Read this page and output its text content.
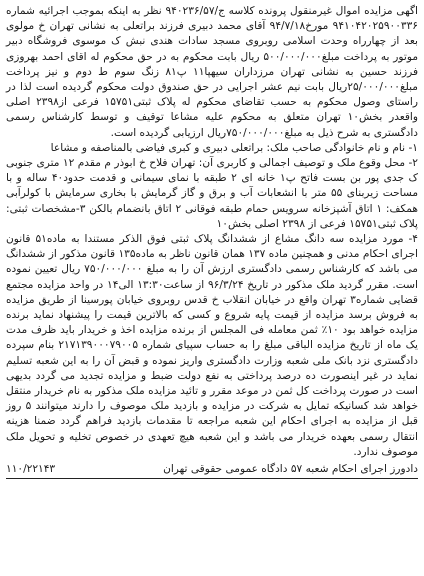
اگهی مزایده اموال غیرمنقول پرونده کلاسه ج/۹۴۰۲۳۶/۵۷ نظر به اینکه بموجب اجرائیه شماره ۹۴۱۰۴۲۰۲۵۹۰۰۳۳۶ مورخ۹۴/۷/۱۸ آقای محمد دبیری فرزند براتعلی به نشانی تهران خ مولوی بعد از چهارراه وحدت اسلامی روبروی مسجد سادات هندی نبش ک موسوی فروشگاه دبیر موتور به پرداخت مبلغ۵۰۰/۰۰۰/۰۰۰ ریال بابت محکوم به در حق محکوم له اقای احمد بهروزی فرزند حسین به نشانی تهران مرزداران سیهپا۱۱ پ۸۱ زنگ سوم ط دوم و نیز پرداخت مبلغ۲۵/۰۰۰/۰۰۰ریال بابت نیم عشر اجرایی در حق صندوق دولت محکوم گردیده است لذا در راستای وصول محکوم به حسب تقاضای محکوم له پلاک ثبتی۱۵۷۵۱ فرعی از۲۳۹۸ اصلی واقعدر بخش۱۰ تهران متعلق به محکوم علیه مشاعا توقیف و توسط کارشناس رسمی دادگستری به شرح ذیل به مبلغ۷۵۰/۰۰۰/۰۰۰ریال ارزیابی گردیده است.

۱- نام و نام خانوادگی صاحب ملک: براتعلی دبیری و کبری فیاضی بالمناصفه و مشاعا

۲- محل وقوع ملک و توصیف اجمالی و کاربری آن: تهران فلاح خ ابوذر م مقدم ۱۲ متری جنوبی ک جدی پور بن بست فاتح پ۱ خانه ای ۲ طبقه با نمای سیمانی و قدمت حدود۴۰ ساله و با مساحت زیربنای ۵۵ متر با انشعابات آب و برق و گاز گرمایش با بخاری سرمایش با کولرآبی همکف: ۱ اتاق آشپزخانه سرویس حمام طبقه فوقانی ۲ اتاق بانضمام بالکن ۳-مشخصات ثبتی: پلاک ثبتی۱۵۷۵۱ فرعی از ۲۳۹۸ اصلی بخش۱۰

۴- مورد مزایده سه دانگ مشاع از ششدانگ پلاک ثبتی فوق الذکر مستندا به ماده۵۱ قانون اجرای احکام مدنی و همچنین ماده ۱۳۷ همان قانون ناظر به ماده۱۳۵ قانون مذکور از ششدانگ می باشد که کارشناس رسمی دادگستری ارزش آن را به مبلغ ۷۵۰/۰۰۰/۰۰۰ ریال تعیین نموده است. مقرر گردید ملک مذکور در تاریخ ۹۶/۳/۲۴ از ساعت۱۳:۳۰ الی۱۴ در واحد مزایده مجتمع قضایی شماره۳ تهران واقع در خیابان انقلاب خ قدس روبروی خیابان پورسینا از طریق مزایده به فروش برسد مزایده از قیمت پایه شروع و کسی که بالاترین قیمت را پیشنهاد نماید برنده مزایده خواهد بود ۱۰٪ ثمن معامله فی المجلس از برنده مزایده اخذ و خریدار باید ظرف مدت یک ماه از تاریخ مزایده الباقی مبلغ را به حساب سپیای شماره ۲۱۷۱۳۹۰۰۰۷۹۰۰۵ بنام سپرده دادگستری نزد بانک ملی شعبه وزارت دادگستری واریز نموده و قبض آن را به این شعبه تسلیم نماید در غیر اینصورت ده درصد پرداختی به نفع دولت ضبط و مزایده تجدید می گردد بدیهی است در صورت پرداخت کل ثمن در موعد مقرر و تائید مزایده ملک مذکور به نام خریدار منتقل خواهد شد کسانیکه تمایل به شرکت در مزایده و بازدید ملک موصوف را دارند میتوانند ۵ روز قبل از مزایده به اجرای احکام این شعبه مراجعه تا مقدمات بازدید فراهم گردد ضمنا هزینه انتقال رسمی بعهده خریدار می باشد و این شعبه هیچ تعهدی در خصوص تخلیه و تحویل ملک موصوف ندارد.

دادورز اجرای احکام شعبه ۵۷ دادگاه عمومی حقوقی تهران
۱۱۰/۲۲۱۴۳
